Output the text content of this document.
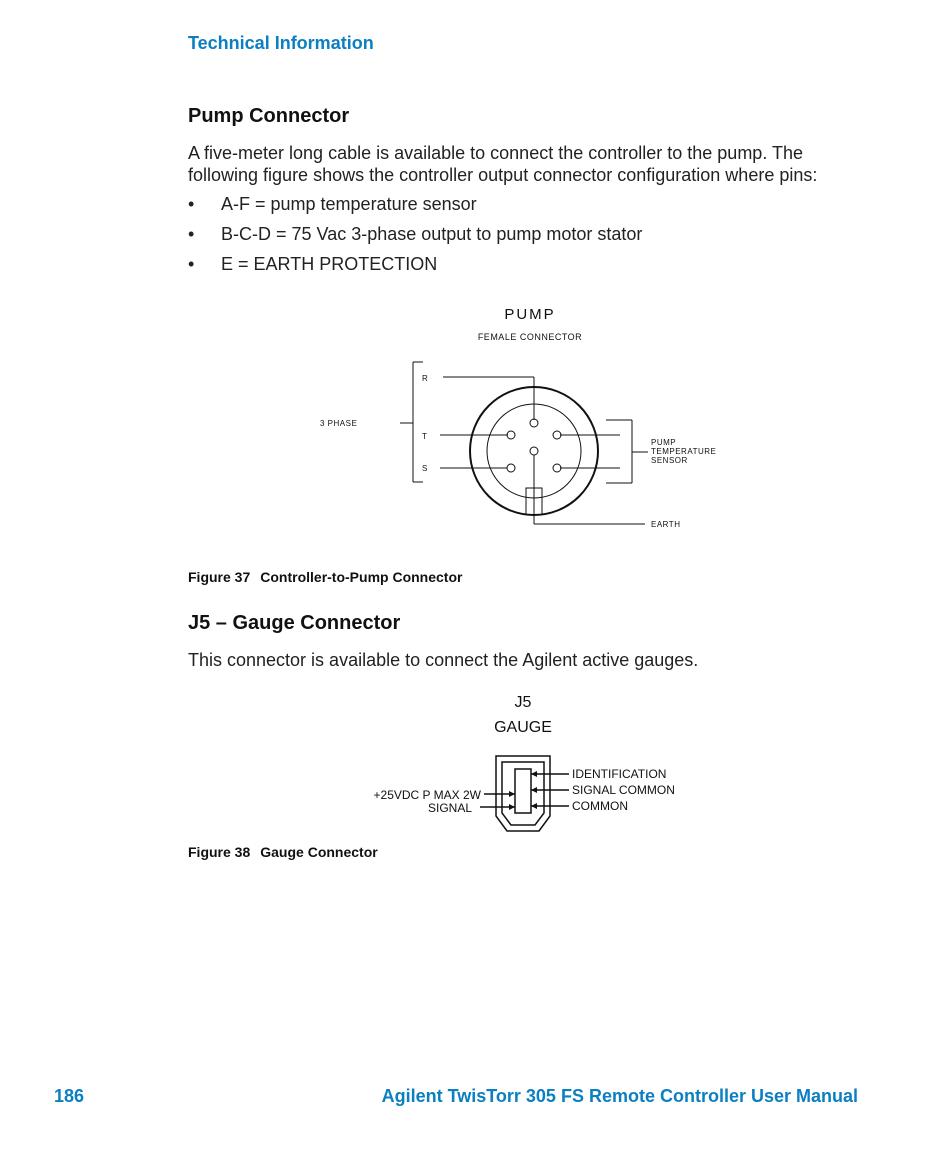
Technical Information
Pump Connector
A five-meter long cable is available to connect the controller to the pump. The
following figure shows the controller output connector configuration where pins:
• A-F = pump temperature sensor
• B-C-D = 75 Vac 3-phase output to pump motor stator
• E = EARTH PROTECTION
PUMP
FEMALE CONNECTOR
R
T
S
3 PHASE
PUMP
TEMPERATURE
SENSOR
EARTH
Figure 37 Controller-to-Pump Connector
J5 – Gauge Connector
This connector is available to connect the Agilent active gauges.
J5
GAUGE
+25VDC P MAX 2W
SIGNAL
IDENTIFICATION
SIGNAL COMMON
COMMON
Figure 38 Gauge Connector
186	Agilent TwisTorr 305 FS Remote Controller User Manual
